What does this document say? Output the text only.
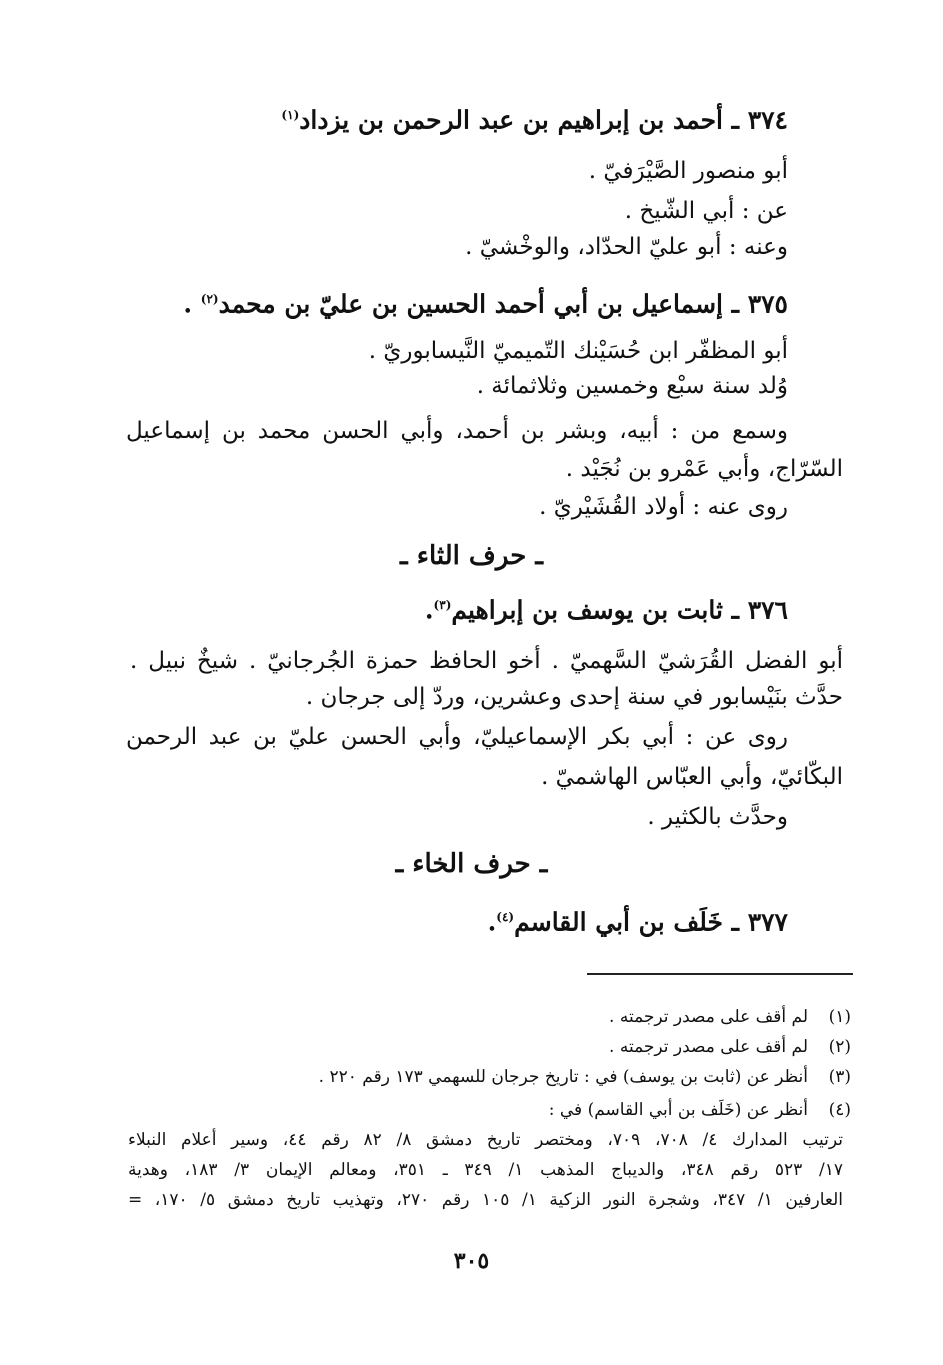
٣٧٤ ـ أحمد بن إبراهيم بن عبد الرحمن بن يزداد$^{(١)}$
أبو منصور الصَّيْرَفيّ .
عن : أبي الشّيخ .
وعنه : أبو عليّ الحدّاد، والوخْشيّ .
٣٧٥ ـ إسماعيل بن أبي أحمد الحسين بن عليّ بن محمد$^{(٢)}$ .
أبو المظفّر ابن حُسَيْنك التّميميّ النَّيسابوريّ .
وُلد سنة سبْع وخمسين وثلاثمائة .
وسمع من : أبيه، وبشر بن أحمد، وأبي الحسن محمد بن إسماعيل
السّرّاج، وأبي عَمْرو بن نُجَيْد .
روى عنه : أولاد القُشَيْريّ .
ـ حرف الثاء ـ
٣٧٦ ـ ثابت بن يوسف بن إبراهيم$^{(٣)}$.
أبو الفضل القُرَشيّ السَّهميّ . أخو الحافظ حمزة الجُرجانيّ . شيخٌ نبيل .
حدَّث بنَيْسابور في سنة إحدى وعشرين، وردّ إلى جرجان .
روى عن : أبي بكر الإسماعيليّ، وأبي الحسن عليّ بن عبد الرحمن
البكّائيّ، وأبي العبّاس الهاشميّ .
وحدَّث بالكثير .
ـ حرف الخاء ـ
٣٧٧ ـ خَلَف بن أبي القاسم$^{(٤)}$.
(١)
لم أقف على مصدر ترجمته .
(٢)
لم أقف على مصدر ترجمته .
(٣)
أنظر عن (ثابت بن يوسف) في : تاريخ جرجان للسهمي ١٧٣ رقم ٢٢٠ .
(٤)
أنظر عن (خَلَف بن أبي القاسم) في :
ترتيب المدارك ٤/ ٧٠٨، ٧٠٩، ومختصر تاريخ دمشق ٨/ ٨٢ رقم ٤٤، وسير أعلام النبلاء
١٧/ ٥٢٣ رقم ٣٤٨، والديباج المذهب ١/ ٣٤٩ ـ ٣٥١، ومعالم الإيمان ٣/ ١٨٣، وهدية
العارفين ١/ ٣٤٧، وشجرة النور الزكية ١/ ١٠٥ رقم ٢٧٠، وتهذيب تاريخ دمشق ٥/ ١٧٠، =
٣٠٥
